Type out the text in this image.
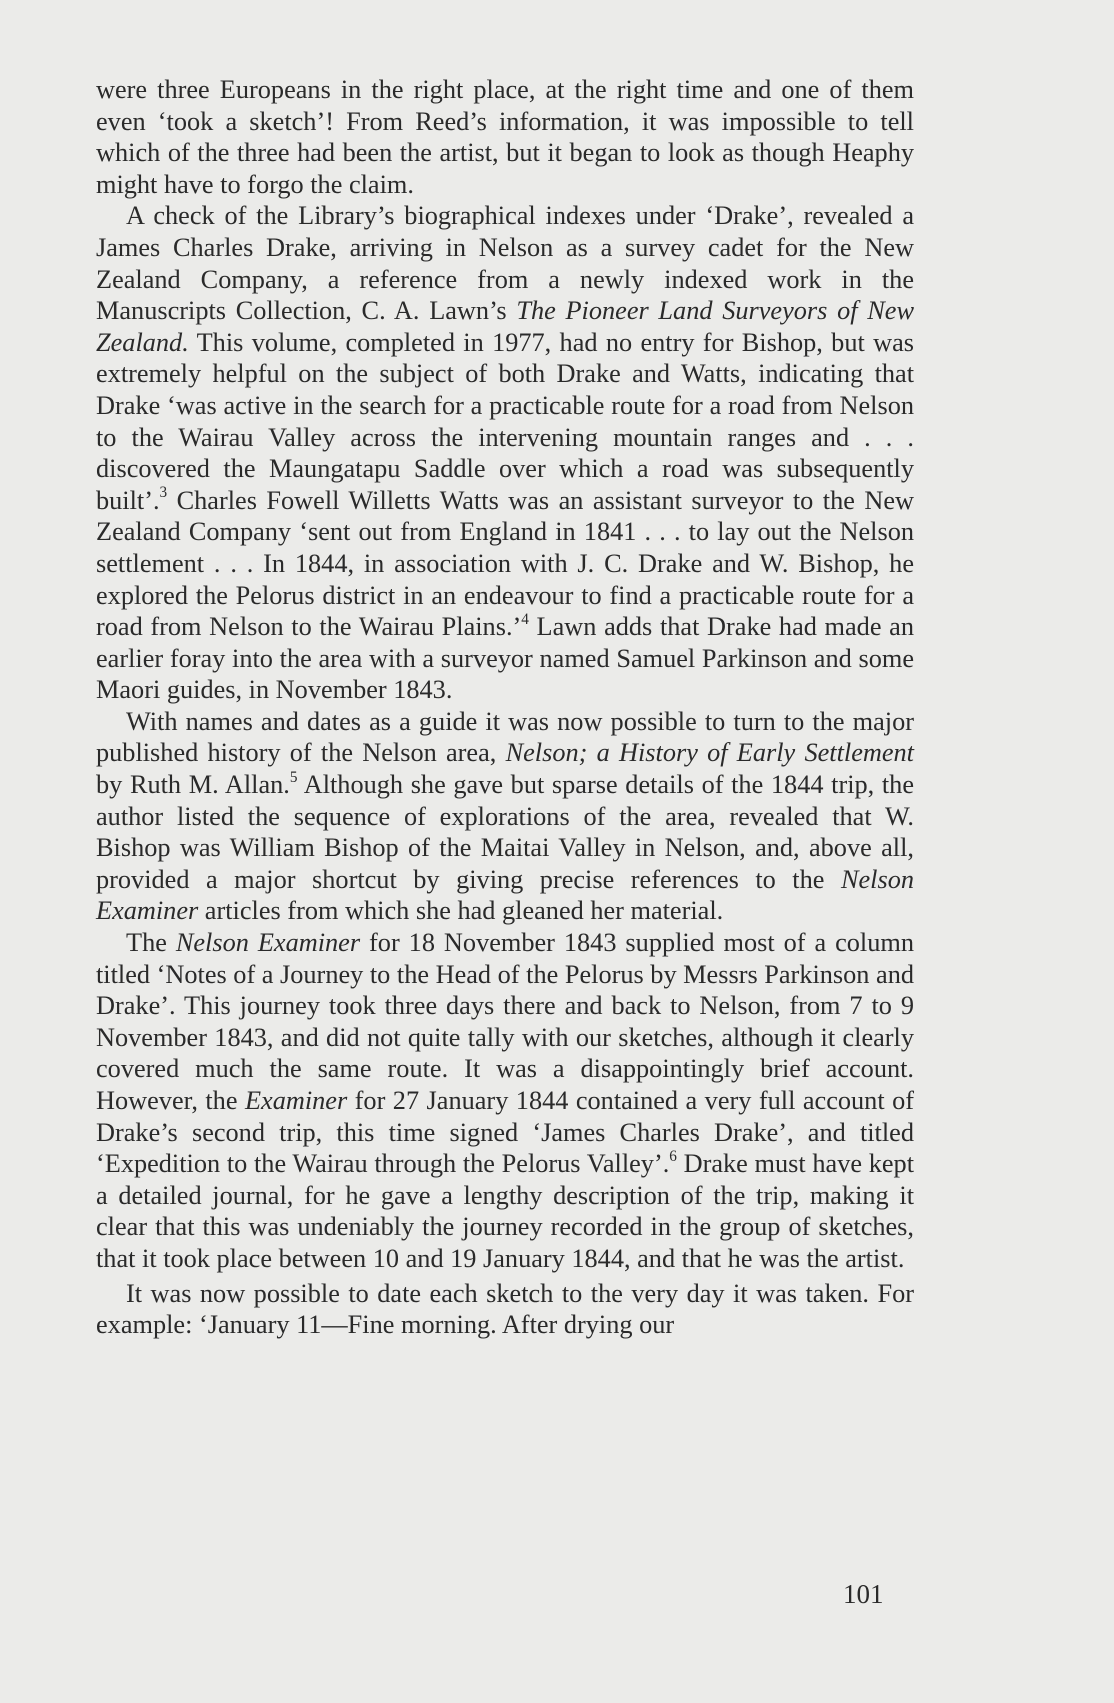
were three Europeans in the right place, at the right time and one of them even ‘took a sketch’! From Reed’s information, it was impossible to tell which of the three had been the artist, but it began to look as though Heaphy might have to forgo the claim.

A check of the Library’s biographical indexes under ‘Drake’, revealed a James Charles Drake, arriving in Nelson as a survey cadet for the New Zealand Company, a reference from a newly indexed work in the Manuscripts Collection, C. A. Lawn’s The Pioneer Land Surveyors of New Zealand. This volume, completed in 1977, had no entry for Bishop, but was extremely helpful on the subject of both Drake and Watts, indicating that Drake ‘was active in the search for a practicable route for a road from Nelson to the Wairau Valley across the intervening mountain ranges and . . . discovered the Maungatapu Saddle over which a road was subsequently built’.$^3$ Charles Fowell Willetts Watts was an assistant surveyor to the New Zealand Company ‘sent out from England in 1841 . . . to lay out the Nelson settlement . . . In 1844, in association with J. C. Drake and W. Bishop, he explored the Pelorus district in an endeavour to find a practicable route for a road from Nelson to the Wairau Plains.’$^4$ Lawn adds that Drake had made an earlier foray into the area with a surveyor named Samuel Parkinson and some Maori guides, in November 1843.

With names and dates as a guide it was now possible to turn to the major published history of the Nelson area, Nelson; a History of Early Settlement by Ruth M. Allan.$^5$ Although she gave but sparse details of the 1844 trip, the author listed the sequence of explorations of the area, revealed that W. Bishop was William Bishop of the Maitai Valley in Nelson, and, above all, provided a major shortcut by giving precise references to the Nelson Examiner articles from which she had gleaned her material.

The Nelson Examiner for 18 November 1843 supplied most of a column titled ‘Notes of a Journey to the Head of the Pelorus by Messrs Parkinson and Drake’. This journey took three days there and back to Nelson, from 7 to 9 November 1843, and did not quite tally with our sketches, although it clearly covered much the same route. It was a disappointingly brief account. However, the Examiner for 27 January 1844 contained a very full account of Drake’s second trip, this time signed ‘James Charles Drake’, and titled ‘Expedition to the Wairau through the Pelorus Valley’.$^6$ Drake must have kept a detailed journal, for he gave a lengthy description of the trip, making it clear that this was undeniably the journey recorded in the group of sketches, that it took place between 10 and 19 January 1844, and that he was the artist.

It was now possible to date each sketch to the very day it was taken. For example: ‘January 11—Fine morning. After drying our

101
